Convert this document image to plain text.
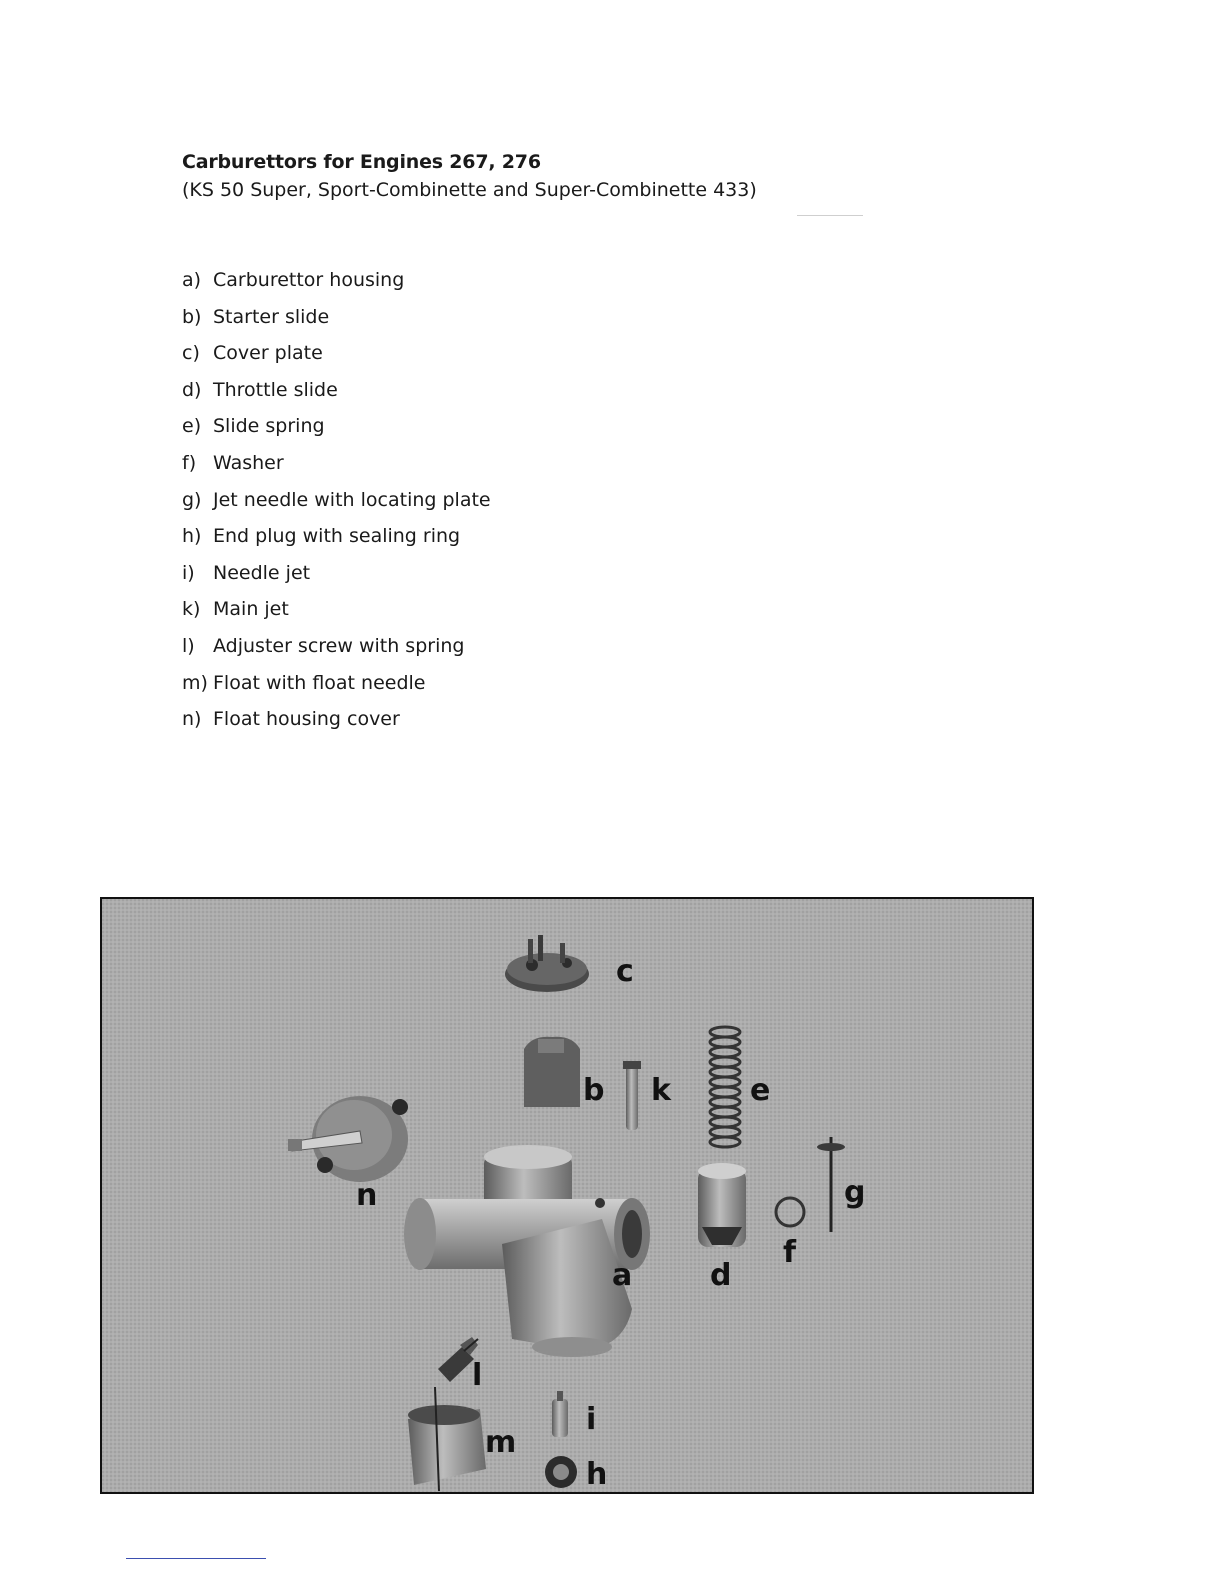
Carburettors for Engines 267, 276

(KS 50 Super, Sport-Combinette and Super-Combinette 433)

a) Carburettor housing
b) Starter slide
c) Cover plate
d) Throttle slide
e) Slide spring
f) Washer
g) Jet needle with locating plate
h) End plug with sealing ring
i) Needle jet
k) Main jet
l) Adjuster screw with spring
m) Float with float needle
n) Float housing cover
c
b k	e
n	g
f
a	d
l
i
m
h
